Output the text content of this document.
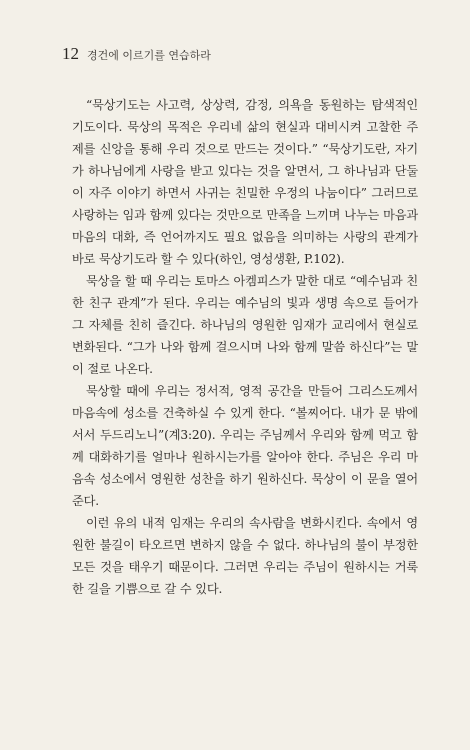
12 경건에 이르기를 연습하라

“묵상기도는 사고력, 상상력, 감정, 의욕을 동원하는 탐색적인 기도이다. 묵상의 목적은 우리네 삶의 현실과 대비시켜 고찰한 주제를 신앙을 통해 우리 것으로 만드는 것이다.” “묵상기도란, 자기가 하나님에게 사랑을 받고 있다는 것을 알면서, 그 하나님과 단둘이 자주 이야기 하면서 사귀는 친밀한 우정의 나눔이다” 그러므로 사랑하는 임과 함께 있다는 것만으로 만족을 느끼며 나누는 마음과 마음의 대화, 즉 언어까지도 필요 없음을 의미하는 사랑의 관계가 바로 묵상기도라 할 수 있다(하인, 영성생환, P.102).

묵상을 할 때 우리는 토마스 아켐피스가 말한 대로 “예수님과 친한 친구 관계”가 된다. 우리는 예수님의 빛과 생명 속으로 들어가 그 자체를 친히 즐긴다. 하나님의 영원한 임재가 교리에서 현실로 변화된다. “그가 나와 함께 걸으시며 나와 함께 말씀 하신다”는 말이 절로 나온다.

묵상할 때에 우리는 정서적, 영적 공간을 만들어 그리스도께서 마음속에 성소를 건축하실 수 있게 한다. “볼찌어다. 내가 문 밖에 서서 두드리노니”(계3:20). 우리는 주님께서 우리와 함께 먹고 함께 대화하기를 얼마나 원하시는가를 알아야 한다. 주님은 우리 마음속 성소에서 영원한 성찬을 하기 원하신다. 묵상이 이 문을 열어 준다.

이런 유의 내적 임재는 우리의 속사람을 변화시킨다. 속에서 영원한 불길이 타오르면 변하지 않을 수 없다. 하나님의 불이 부정한 모든 것을 태우기 때문이다. 그러면 우리는 주님이 원하시는 거룩한 길을 기쁨으로 갈 수 있다.
